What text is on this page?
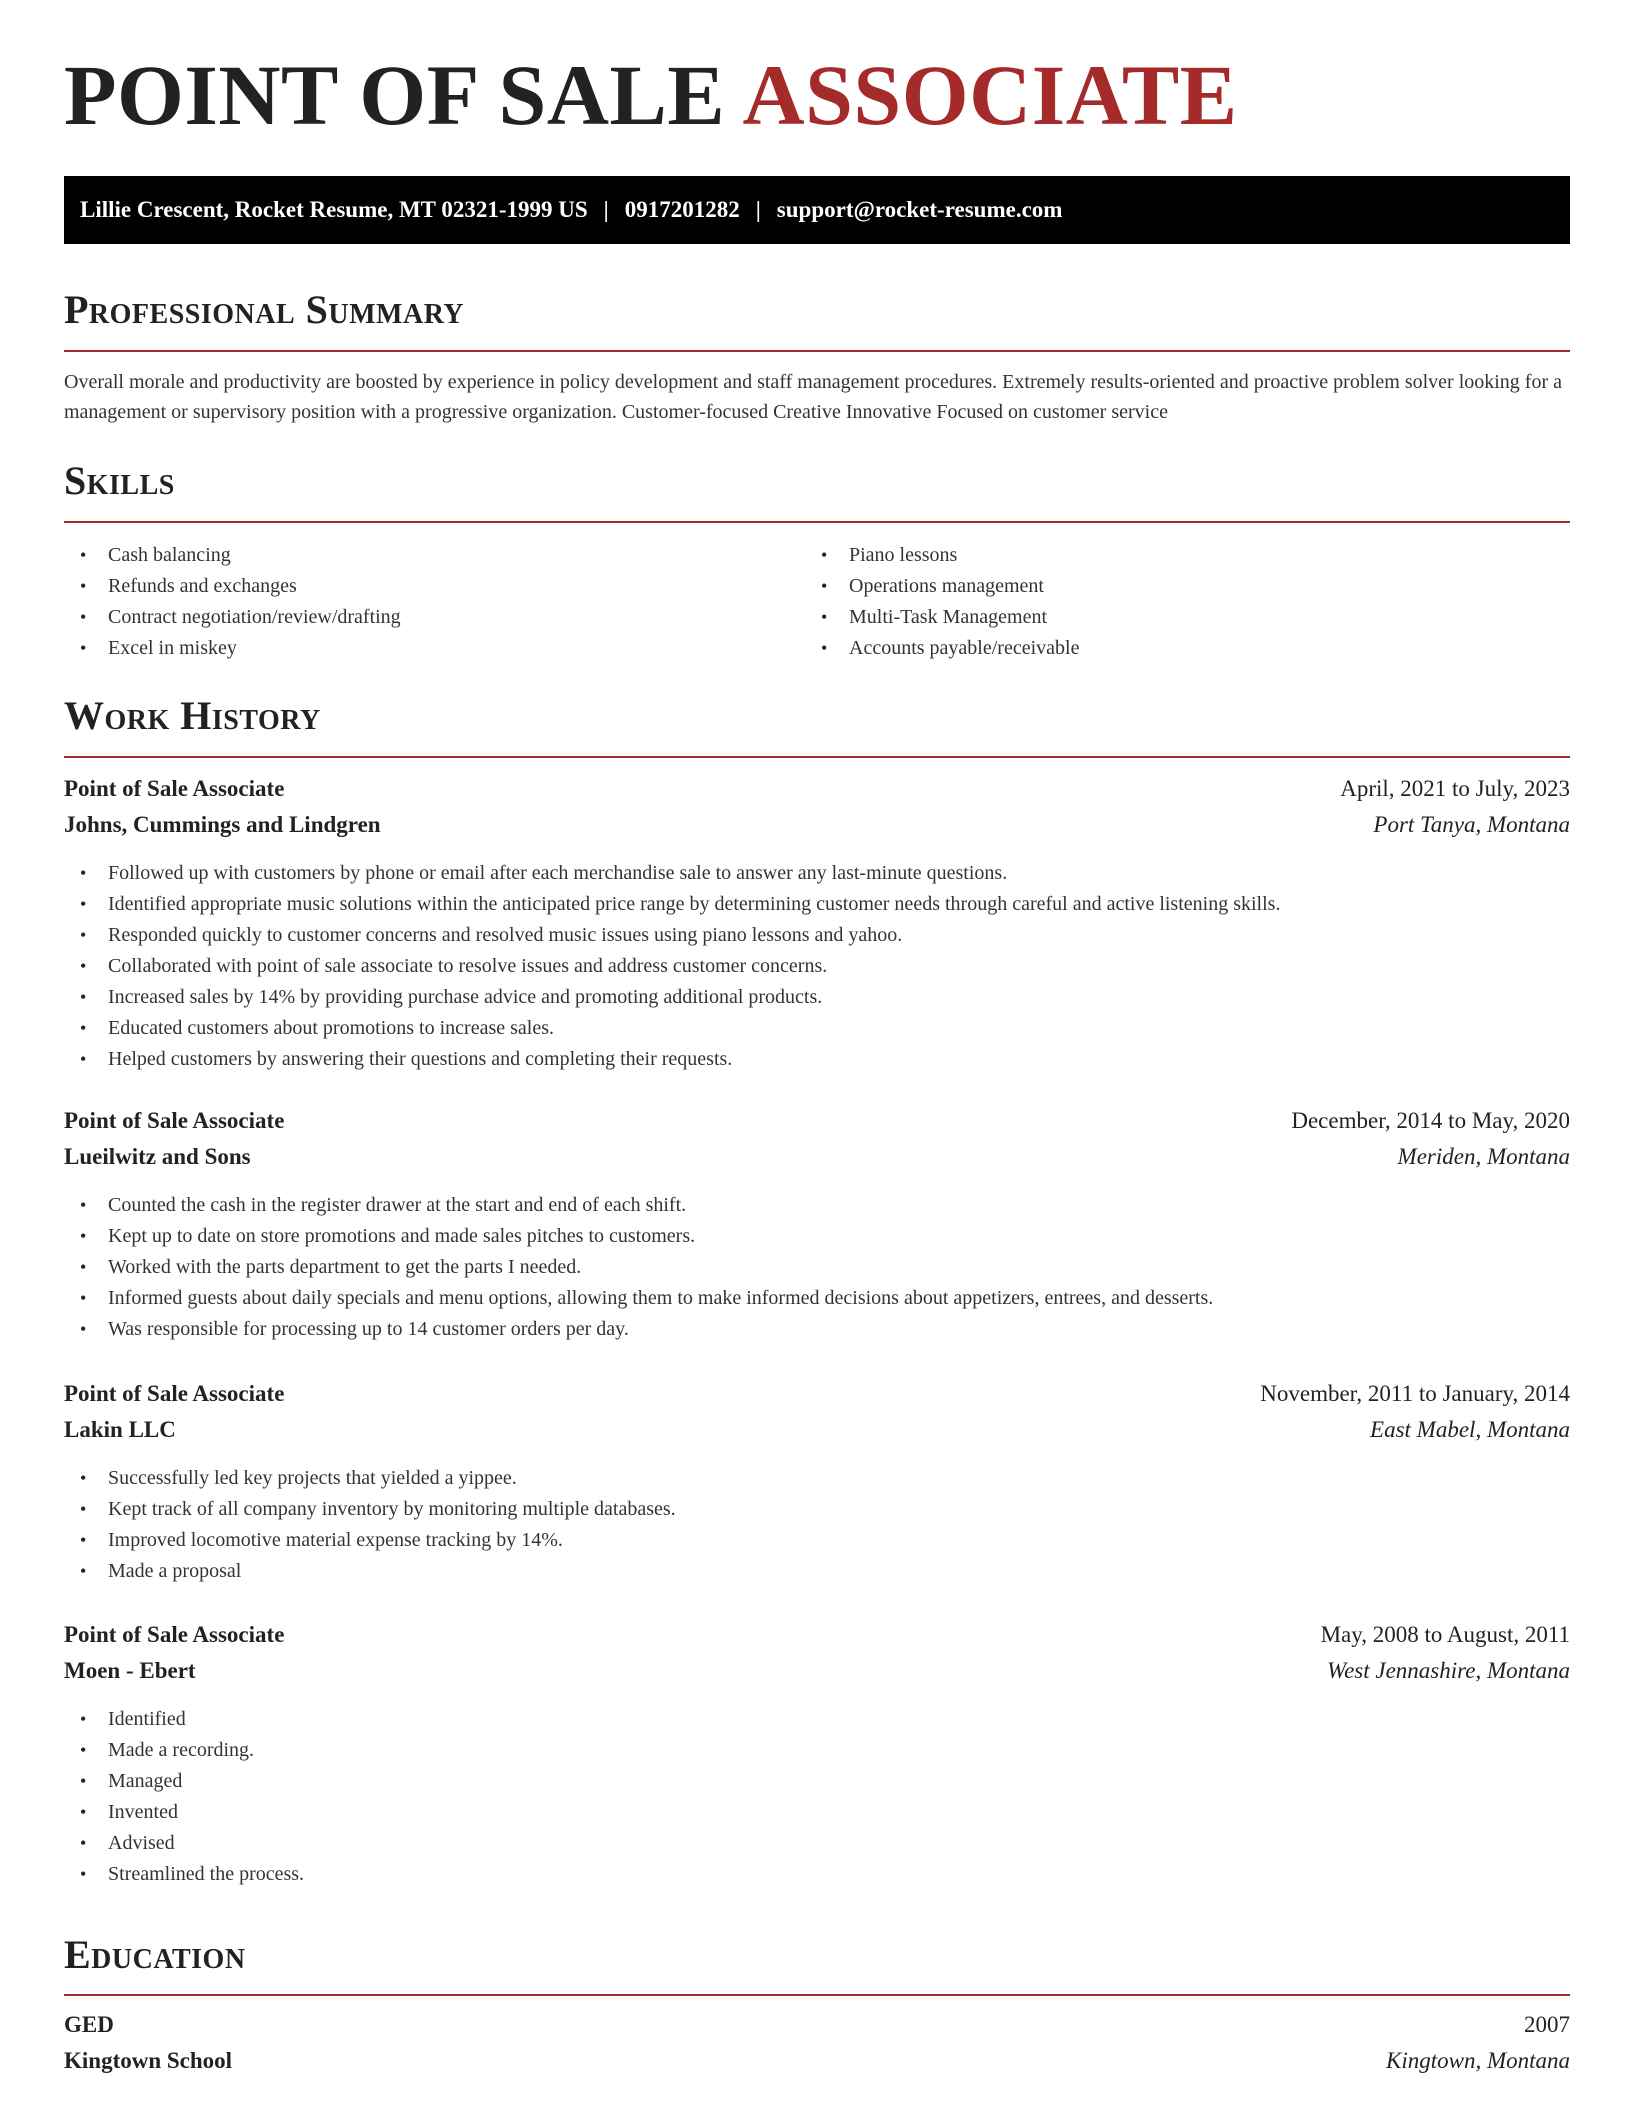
POINT OF SALE ASSOCIATE
Lillie Crescent, Rocket Resume, MT 02321-1999 US | 0917201282 | support@rocket-resume.com
Professional Summary

Overall morale and productivity are boosted by experience in policy development and staff management procedures. Extremely results-oriented and proactive problem solver looking for a management or supervisory position with a progressive organization. Customer-focused Creative Innovative Focused on customer service

Skills
• Cash balancing
• Refunds and exchanges
• Contract negotiation/review/drafting
• Excel in miskey
• Piano lessons
• Operations management
• Multi-Task Management
• Accounts payable/receivable
Work History
Point of Sale Associate	April, 2021 to July, 2023
Johns, Cummings and Lindgren	Port Tanya, Montana
• Followed up with customers by phone or email after each merchandise sale to answer any last-minute questions.
• Identified appropriate music solutions within the anticipated price range by determining customer needs through careful and active listening skills.
• Responded quickly to customer concerns and resolved music issues using piano lessons and yahoo.
• Collaborated with point of sale associate to resolve issues and address customer concerns.
• Increased sales by 14% by providing purchase advice and promoting additional products.
• Educated customers about promotions to increase sales.
• Helped customers by answering their questions and completing their requests.
Point of Sale Associate	December, 2014 to May, 2020
Lueilwitz and Sons	Meriden, Montana
• Counted the cash in the register drawer at the start and end of each shift.
• Kept up to date on store promotions and made sales pitches to customers.
• Worked with the parts department to get the parts I needed.
• Informed guests about daily specials and menu options, allowing them to make informed decisions about appetizers, entrees, and desserts.
• Was responsible for processing up to 14 customer orders per day.
Point of Sale Associate	November, 2011 to January, 2014
Lakin LLC	East Mabel, Montana
• Successfully led key projects that yielded a yippee.
• Kept track of all company inventory by monitoring multiple databases.
• Improved locomotive material expense tracking by 14%.
• Made a proposal
Point of Sale Associate	May, 2008 to August, 2011
Moen - Ebert	West Jennashire, Montana
• Identified
• Made a recording.
• Managed
• Invented
• Advised
• Streamlined the process.
Education
GED	2007
Kingtown School	Kingtown, Montana
